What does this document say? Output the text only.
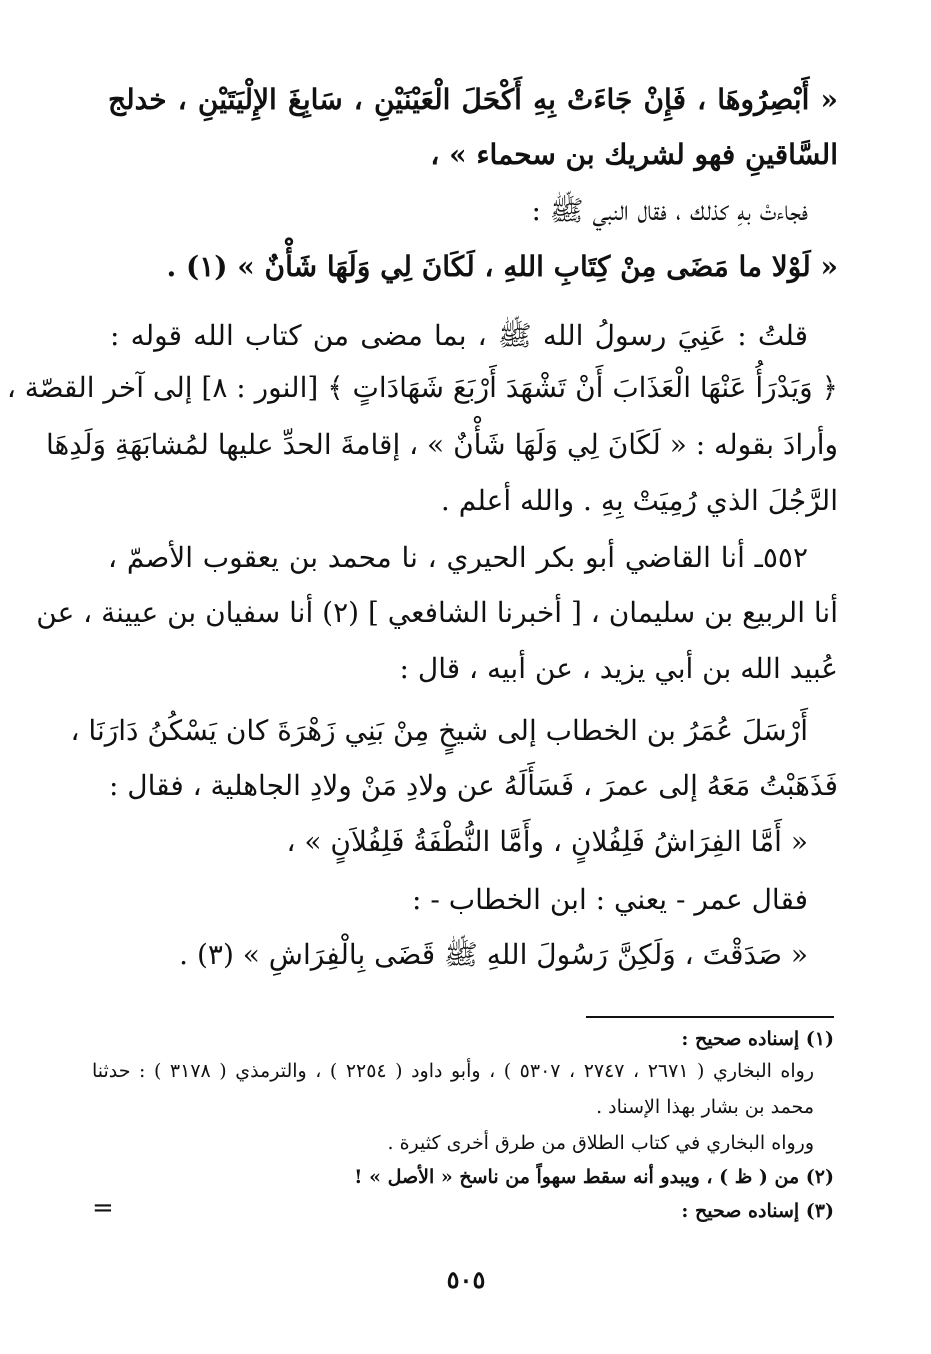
« أَبْصِرُوهَا ، فَإِنْ جَاءَتْ بِهِ أَكْحَلَ الْعَيْنَيْنِ ، سَابِغَ الإِلْيَتَيْنِ ، خدلج
السَّاقينِ فهو لشريك بن سحماء » ،
فجاءتْ بهِ كذلك ، فقال النبي ﷺ :
« لَوْلا ما مَضَى مِنْ كِتَابِ اللهِ ، لَكَانَ لِي وَلَهَا شَأْنٌ » (١) .
قلتُ : عَنِيَ رسولُ الله ﷺ ، بما مضى من كتاب الله قوله :
﴿ وَيَدْرَأُ عَنْهَا الْعَذَابَ أَنْ تَشْهَدَ أَرْبَعَ شَهَادَاتٍ ﴾ [النور : ٨] إلى آخر القصّة ،
وأرادَ بقوله : « لَكَانَ لِي وَلَهَا شَأْنٌ » ، إقامةَ الحدِّ عليها لمُشابَهَةِ وَلَدِهَا
الرَّجُلَ الذي رُمِيَتْ بِهِ . والله أعلم .
٥٥٢ـ أنا القاضي أبو بكر الحيري ، نا محمد بن يعقوب الأصمّ ،
أنا الربيع بن سليمان ، [ أخبرنا الشافعي ] (٢) أنا سفيان بن عيينة ، عن
عُبيد الله بن أبي يزيد ، عن أبيه ، قال :
أَرْسَلَ عُمَرُ بن الخطاب إلى شيخٍ مِنْ بَنِي زَهْرَةَ كان يَسْكُنُ دَارَنَا ،
فَذَهَبْتُ مَعَهُ إلى عمرَ ، فَسَأَلَهُ عن ولادِ مَنْ ولادِ الجاهلية ، فقال :
« أَمَّا الفِرَاشُ فَلِفُلانٍ ، وأَمَّا النُّطْفَةُ فَلِفُلاَنٍ » ،
فقال عمر - يعني : ابن الخطاب - :
« صَدَقْتَ ، وَلَكِنَّ رَسُولَ اللهِ ﷺ قَضَى بِالْفِرَاشِ » (٣) .
(١) إسناده صحيح :
رواه البخاري ( ٢٦٧١ ، ٢٧٤٧ ، ٥٣٠٧ ) ، وأبو داود ( ٢٢٥٤ ) ، والترمذي ( ٣١٧٨ ) : حدثنا
محمد بن بشار بهذا الإسناد .
ورواه البخاري في كتاب الطلاق من طرق أخرى كثيرة .
(٢) من ( ظ ) ، ويبدو أنه سقط سهواً من ناسخ « الأصل » !
(٣) إسناده صحيح :
=
٥٠٥
